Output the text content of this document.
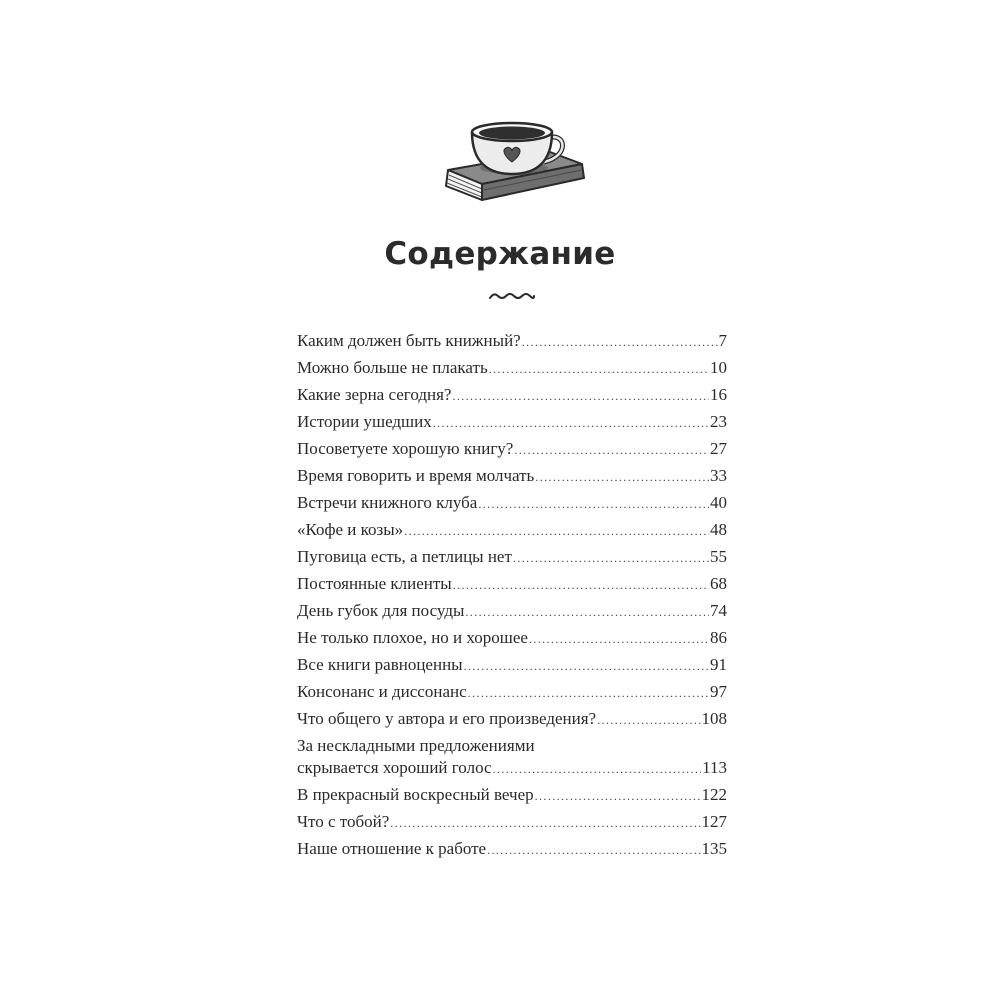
Содержание
Каким должен быть книжный? .....	7
Можно больше не плакать .....	10
Какие зерна сегодня? .....	16
Истории ушедших .....	23
Посоветуете хорошую книгу? .....	27
Время говорить и время молчать .....	33
Встречи книжного клуба .....	40
«Кофе и козы» .....	48
Пуговица есть, а петлицы нет .....	55
Постоянные клиенты .....	68
День губок для посуды .....	74
Не только плохое, но и хорошее .....	86
Все книги равноценны .....	91
Консонанс и диссонанс .....	97
Что общего у автора и его произведения? .....	108
За нескладными предложениями
скрывается хороший голос .....	113
В прекрасный воскресный вечер .....	122
Что с тобой? .....	127
Наше отношение к работе .....	135
